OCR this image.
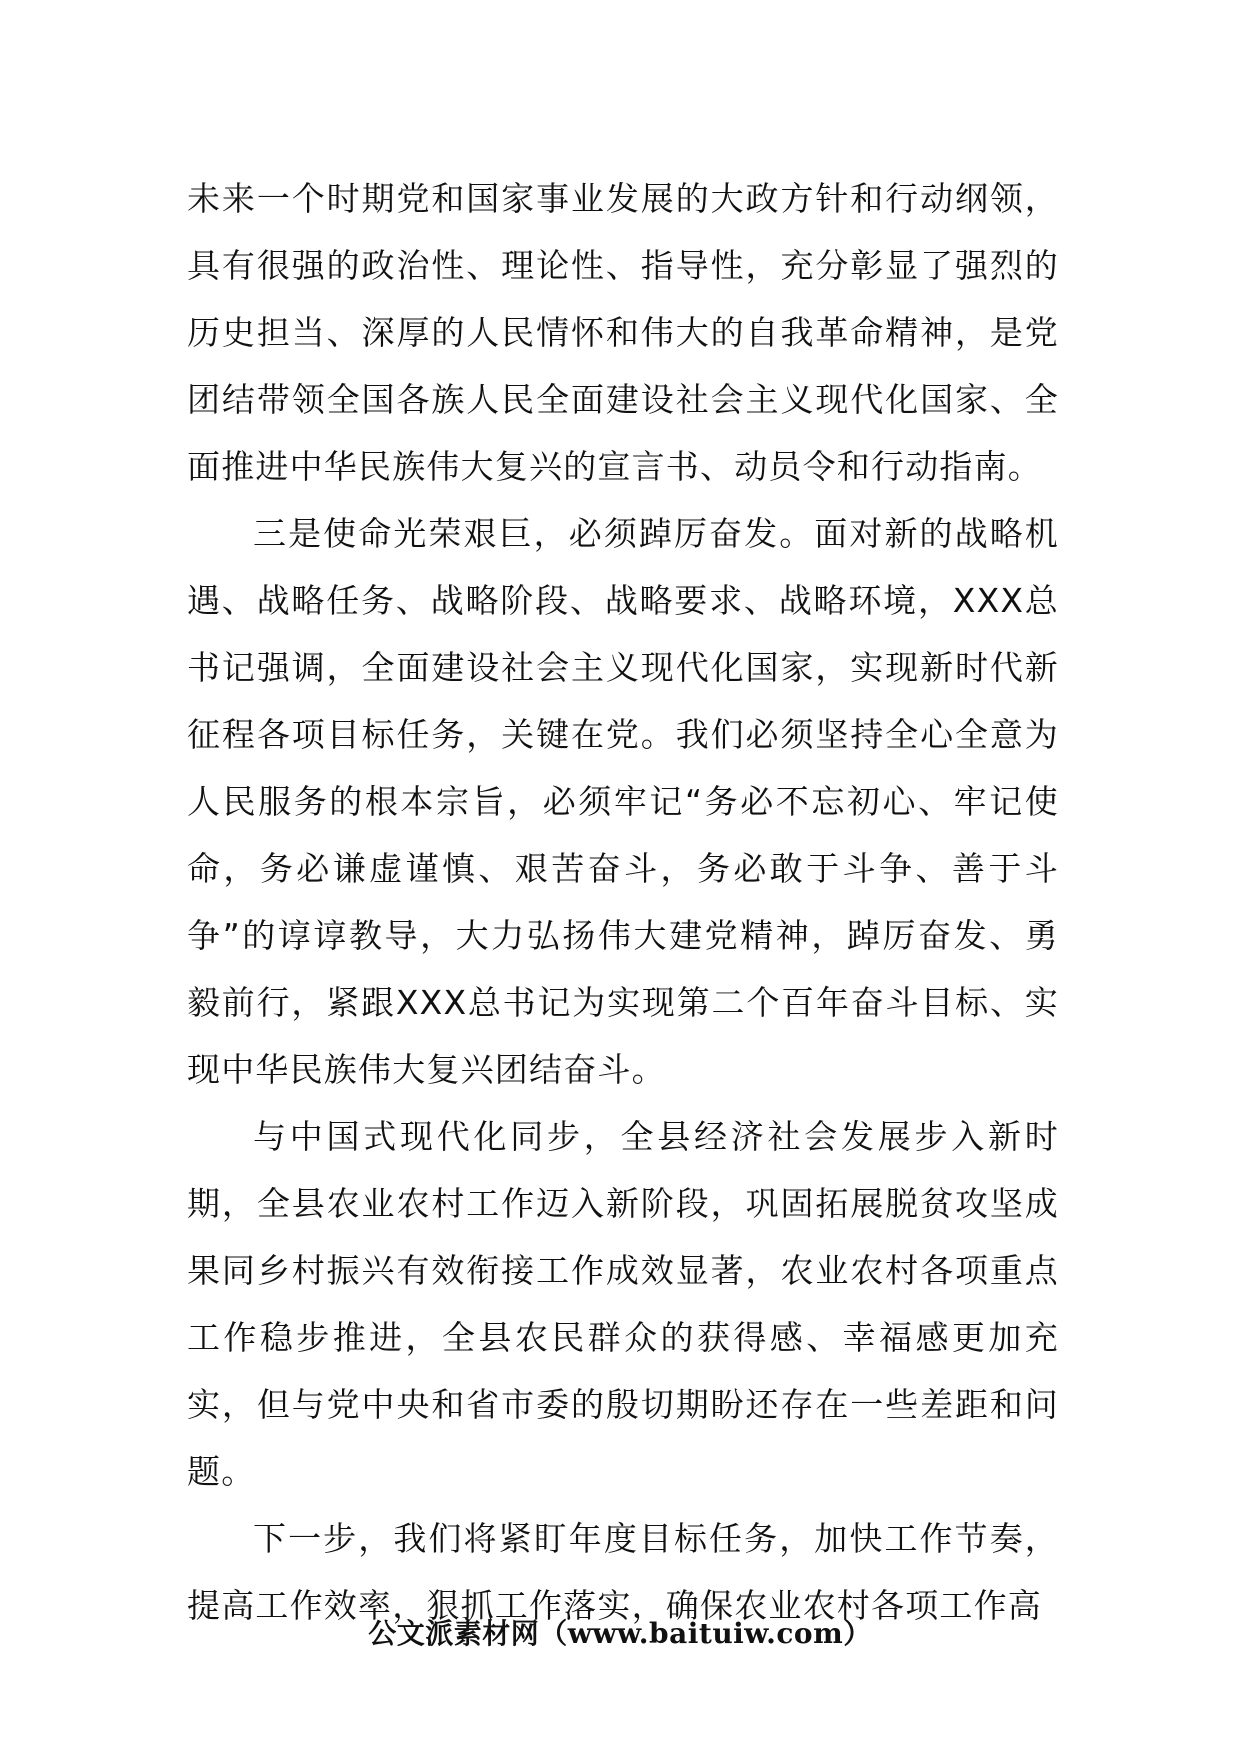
未来一个时期党和国家事业发展的大政方针和行动纲领，具有很强的政治性、理论性、指导性，充分彰显了强烈的历史担当、深厚的人民情怀和伟大的自我革命精神，是党团结带领全国各族人民全面建设社会主义现代化国家、全面推进中华民族伟大复兴的宣言书、动员令和行动指南。

三是使命光荣艰巨，必须踔厉奋发。面对新的战略机遇、战略任务、战略阶段、战略要求、战略环境，XXX总书记强调，全面建设社会主义现代化国家，实现新时代新征程各项目标任务，关键在党。我们必须坚持全心全意为人民服务的根本宗旨，必须牢记“务必不忘初心、牢记使命，务必谦虚谨慎、艰苦奋斗，务必敢于斗争、善于斗争”的谆谆教导，大力弘扬伟大建党精神，踔厉奋发、勇毅前行，紧跟XXX总书记为实现第二个百年奋斗目标、实现中华民族伟大复兴团结奋斗。

与中国式现代化同步，全县经济社会发展步入新时期，全县农业农村工作迈入新阶段，巩固拓展脱贫攻坚成果同乡村振兴有效衔接工作成效显著，农业农村各项重点工作稳步推进，全县农民群众的获得感、幸福感更加充实，但与党中央和省市委的殷切期盼还存在一些差距和问题。

下一步，我们将紧盯年度目标任务，加快工作节奏，提高工作效率，狠抓工作落实，确保农业农村各项工作高

公文派素材网（www.baituiw.com）
